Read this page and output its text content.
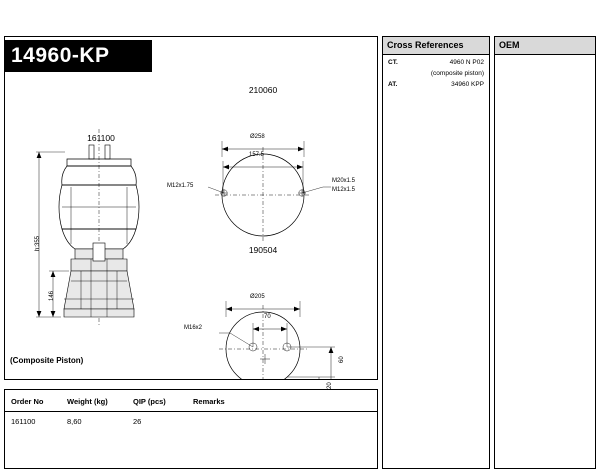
161100
h:355
146
210060
Ø258
157.5
M12x1.75
M20x1.5
M12x1.5
190504
Ø205
70
M16x2
60
20
14960-KP
(Composite Piston)
Order No	Weight (kg)	QIP (pcs)	Remarks
161100	8,60	26
Cross References
CT.	4960 N P02
(composite piston)
AT.	34960 KPP
OEM
